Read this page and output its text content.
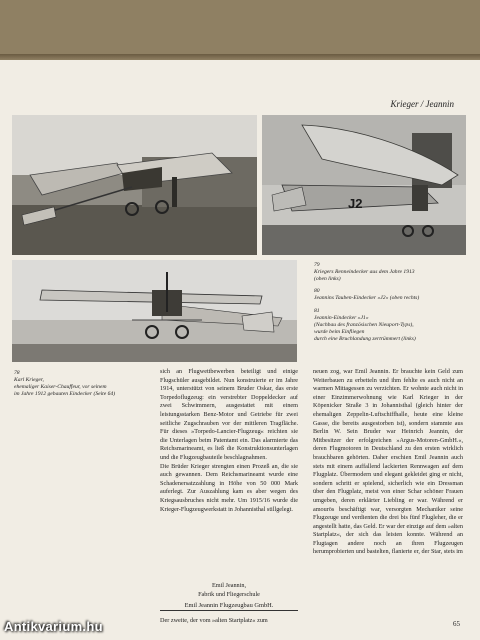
Krieger / Jeannin
J2
78
Karl Krieger,
ehemaliger Kaiser-Chauffeur, vor seinem
im Jahre 1912 gebauten Eindecker (Seite 64)
79
Kriegers Renneindecker aus dem Jahre 1913
(oben links)
80
Jeannins Tauben-Eindecker »J2« (oben rechts)
81
Jeannin-Eindecker »J1«
(Nachbau des französischen Nieuport-Typs),
wurde beim Einfliegen
durch eine Bruchlandung zertrümmert (links)
sich an Flugwettbewerben beteiligt und einige Flugschüler ausgebildet. Nun konstruierte er im Jahre 1914, unterstützt von seinem Bruder Oskar, das erste Torpedoflugzeug: ein verstrebter Doppeldecker auf zwei Schwimmern, ausgestattet mit einem leistungsstarken Benz-Motor und Getriebe für zwei seitliche Zugschrauben vor der mittleren Tragfläche. Für dieses »Torpedo-Lancier-Flugzeug« reichten sie die Unterlagen beim Patentamt ein. Das alarmierte das Reichsmarineamt, es ließ die Konstruktionsunterlagen und die Flugzeugbauteile beschlagnahmen.
Die Brüder Krieger strengten einen Prozeß an, die sie auch gewannen. Dem Reichsmarineamt wurde eine Schadenersatzzahlung in Höhe von 50 000 Mark auferlegt. Zur Auszahlung kam es aber wegen des Kriegsausbruches nicht mehr. Um 1915/16 wurde die Krieger-Flugzeugwerkstatt in Johannisthal stillgelegt.
Emil Jeannin,
Fabrik und Fliegerschule
Emil Jeannin Flugzeugbau GmbH.
Der zweite, der vom »alten Startplatz« zum
neuen zog, war Emil Jeannin. Er brauchte kein Geld zum Weiterbauen zu erbetteln und ihm fehlte es auch nicht an warmen Mittagessen zu verzichten. Er wohnte auch nicht in einer Einzimmerwohnung wie Karl Krieger in der Köpenicker Straße 3 in Johannisthal (gleich hinter der ehemaligen Zeppelin-Luftschiffhalle, heute eine kleine Gasse, die bereits ausgestorben ist), sondern stammte aus Berlin W. Sein Bruder war Heinrich Jeannin, der Mitbesitzer der erfolgreichen »Argus-Motoren-GmbH.«, deren Flugmotoren in Deutschland zu den ersten wirklich brauchbaren gehörten. Daher erschien Emil Jeannin auch stets mit einem auffallend lackierten Rennwagen auf dem Flugplatz. Übermodern und elegant gekleidet ging er nicht, sondern schritt er spielend, sicherlich wie ein Dressman über den Flugplatz, meist von einer Schar schöner Frauen umgeben, deren erklärter Liebling er war. Während er amourös beschäftigt war, versorgten Mechaniker seine Flugzeuge und verdienten die drei bis fünf Flugleher, die er angestellt hatte, das Geld. Er war der einzige auf dem »alten Startplatz«, der sich das leisten konnte. Während an Flugtagen andere noch an ihren Flugzeugen herumprobierten und bastelten, flanierte er, der Star, stets im
65
Antikvarium.hu
